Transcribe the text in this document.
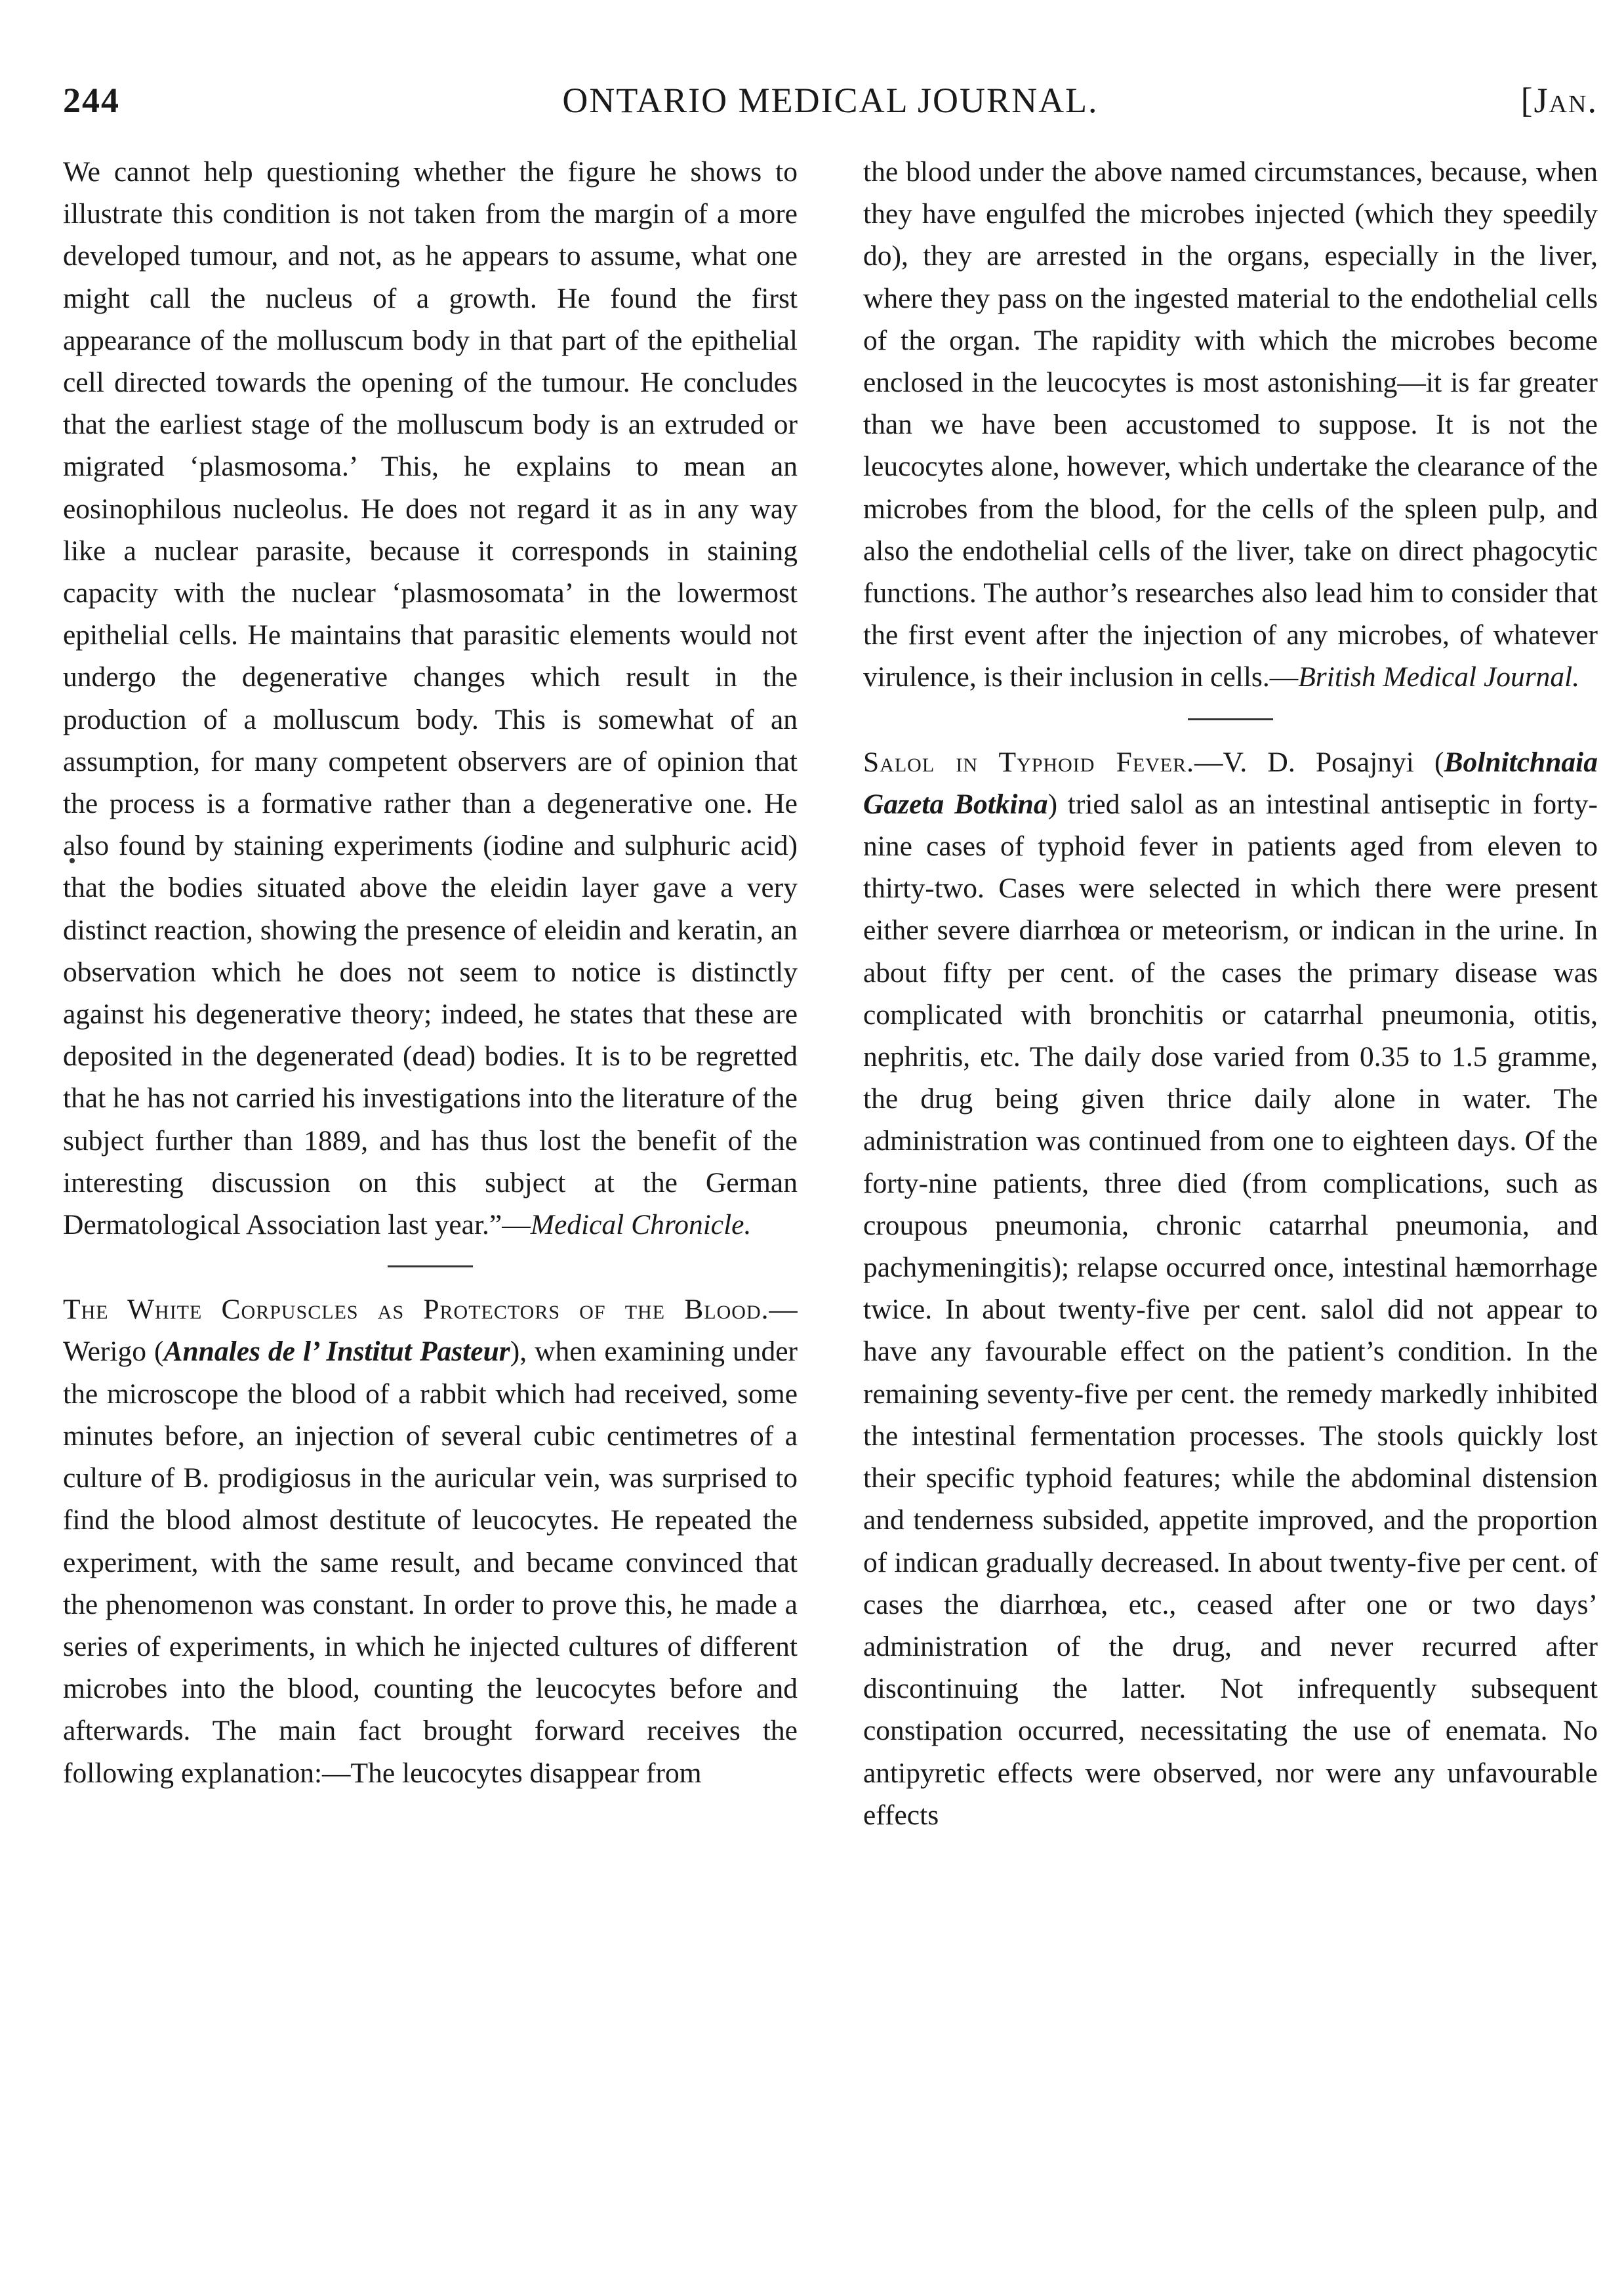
244	ONTARIO MEDICAL JOURNAL.	[Jan.

We cannot help questioning whether the figure he shows to illustrate this condition is not taken from the margin of a more developed tumour, and not, as he appears to assume, what one might call the nucleus of a growth. He found the first appearance of the molluscum body in that part of the epithelial cell directed towards the opening of the tumour. He concludes that the earliest stage of the molluscum body is an extruded or migrated ‘plasmosoma.’ This, he explains to mean an eosinophilous nucleolus. He does not regard it as in any way like a nuclear parasite, because it corresponds in staining capacity with the nuclear ‘plasmosomata’ in the lowermost epithelial cells. He maintains that parasitic elements would not undergo the degenerative changes which result in the production of a molluscum body. This is somewhat of an assumption, for many competent observers are of opinion that the process is a formative rather than a degenerative one. He also found by staining experiments (iodine and sulphuric acid) that the bodies situated above the eleidin layer gave a very distinct reaction, showing the presence of eleidin and keratin, an observation which he does not seem to notice is distinctly against his degenerative theory; indeed, he states that these are deposited in the degenerated (dead) bodies. It is to be regretted that he has not carried his investigations into the literature of the subject further than 1889, and has thus lost the benefit of the interesting discussion on this subject at the German Dermatological Association last year.”—Medical Chronicle.

The White Corpuscles as Protectors of the Blood.—Werigo (Annales de l’ Institut Pasteur), when examining under the microscope the blood of a rabbit which had received, some minutes before, an injection of several cubic centimetres of a culture of B. prodigiosus in the auricular vein, was surprised to find the blood almost destitute of leucocytes. He repeated the experiment, with the same result, and became convinced that the phenomenon was constant. In order to prove this, he made a series of experiments, in which he injected cultures of different microbes into the blood, counting the leucocytes before and afterwards. The main fact brought forward receives the following explanation:—The leucocytes disappear from

the blood under the above named circumstances, because, when they have engulfed the microbes injected (which they speedily do), they are arrested in the organs, especially in the liver, where they pass on the ingested material to the endothelial cells of the organ. The rapidity with which the microbes become enclosed in the leucocytes is most astonishing—it is far greater than we have been accustomed to suppose. It is not the leucocytes alone, however, which undertake the clearance of the microbes from the blood, for the cells of the spleen pulp, and also the endothelial cells of the liver, take on direct phagocytic functions. The author’s researches also lead him to consider that the first event after the injection of any microbes, of whatever virulence, is their inclusion in cells.—British Medical Journal.

Salol in Typhoid Fever.—V. D. Posajnyi (Bolnitchnaia Gazeta Botkina) tried salol as an intestinal antiseptic in forty-nine cases of typhoid fever in patients aged from eleven to thirty-two. Cases were selected in which there were present either severe diarrhœa or meteorism, or indican in the urine. In about fifty per cent. of the cases the primary disease was complicated with bronchitis or catarrhal pneumonia, otitis, nephritis, etc. The daily dose varied from 0.35 to 1.5 gramme, the drug being given thrice daily alone in water. The administration was continued from one to eighteen days. Of the forty-nine patients, three died (from complications, such as croupous pneumonia, chronic catarrhal pneumonia, and pachymeningitis); relapse occurred once, intestinal hæmorrhage twice. In about twenty-five per cent. salol did not appear to have any favourable effect on the patient’s condition. In the remaining seventy-five per cent. the remedy markedly inhibited the intestinal fermentation processes. The stools quickly lost their specific typhoid features; while the abdominal distension and tenderness subsided, appetite improved, and the proportion of indican gradually decreased. In about twenty-five per cent. of cases the diarrhœa, etc., ceased after one or two days’ administration of the drug, and never recurred after discontinuing the latter. Not infrequently subsequent constipation occurred, necessitating the use of enemata. No antipyretic effects were observed, nor were any unfavourable effects
